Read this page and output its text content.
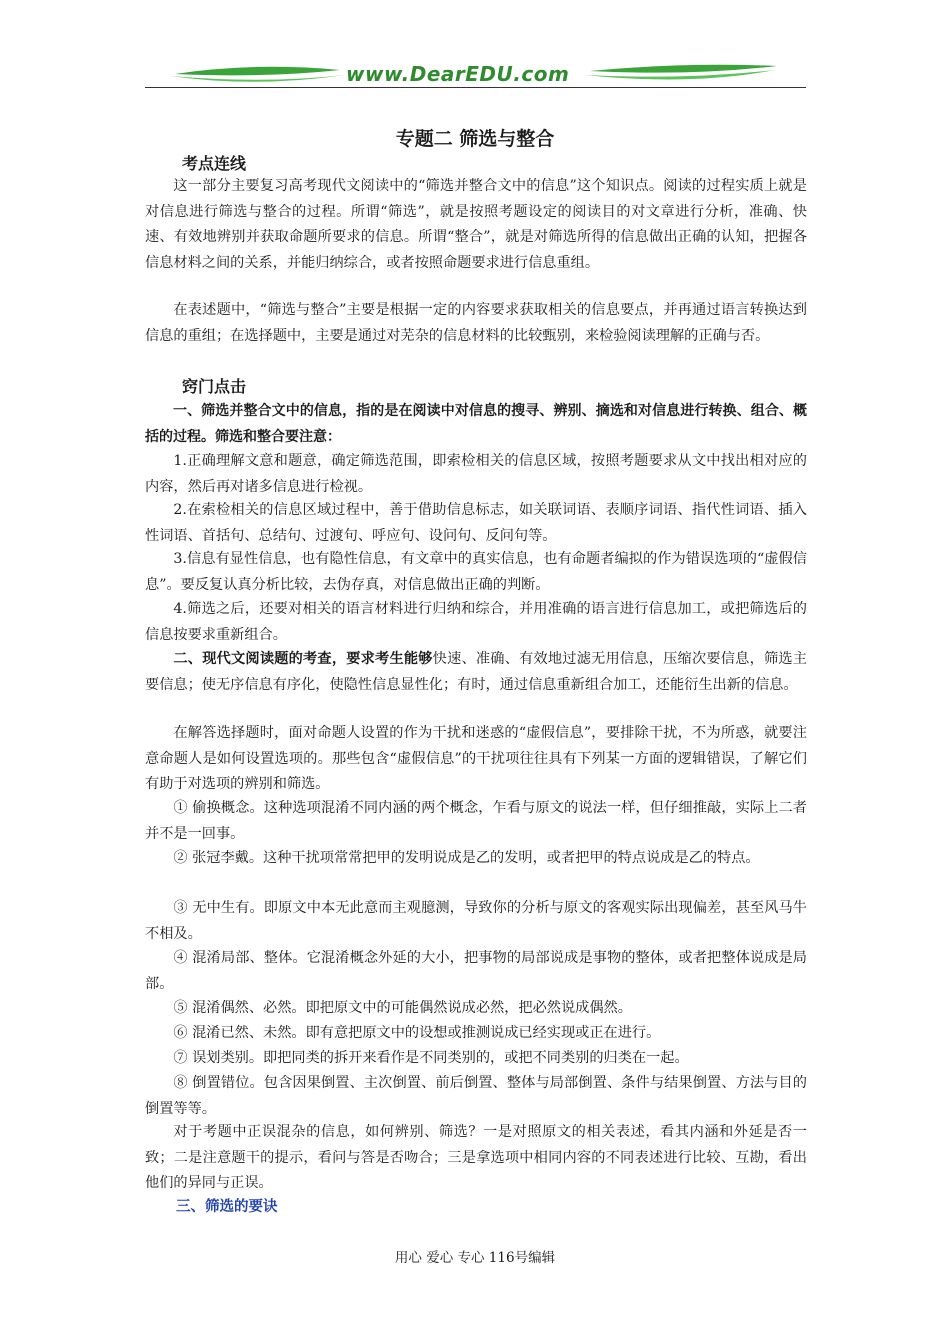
www.DearEDU.com
专题二 筛选与整合
考点连线

这一部分主要复习高考现代文阅读中的“筛选并整合文中的信息”这个知识点。阅读的过程实质上就是对信息进行筛选与整合的过程。所谓“筛选”，就是按照考题设定的阅读目的对文章进行分析，准确、快速、有效地辨别并获取命题所要求的信息。所谓“整合”，就是对筛选所得的信息做出正确的认知，把握各信息材料之间的关系，并能归纳综合，或者按照命题要求进行信息重组。

在表述题中，“筛选与整合”主要是根据一定的内容要求获取相关的信息要点，并再通过语言转换达到信息的重组；在选择题中，主要是通过对芜杂的信息材料的比较甄别，来检验阅读理解的正确与否。

窍门点击

一、筛选并整合文中的信息，指的是在阅读中对信息的搜寻、辨别、摘选和对信息进行转换、组合、概括的过程。筛选和整合要注意：

1.正确理解文意和题意，确定筛选范围，即索检相关的信息区域，按照考题要求从文中找出相对应的内容，然后再对诸多信息进行检视。

2.在索检相关的信息区域过程中，善于借助信息标志，如关联词语、表顺序词语、指代性词语、插入性词语、首括句、总结句、过渡句、呼应句、设问句、反问句等。

3.信息有显性信息，也有隐性信息，有文章中的真实信息，也有命题者编拟的作为错误选项的“虚假信息”。要反复认真分析比较，去伪存真，对信息做出正确的判断。

4.筛选之后，还要对相关的语言材料进行归纳和综合，并用准确的语言进行信息加工，或把筛选后的信息按要求重新组合。

二、现代文阅读题的考查，要求考生能够快速、准确、有效地过滤无用信息，压缩次要信息，筛选主要信息；使无序信息有序化，使隐性信息显性化；有时，通过信息重新组合加工，还能衍生出新的信息。

在解答选择题时，面对命题人设置的作为干扰和迷惑的“虚假信息”，要排除干扰，不为所惑，就要注意命题人是如何设置选项的。那些包含“虚假信息”的干扰项往往具有下列某一方面的逻辑错误，了解它们有助于对选项的辨别和筛选。

① 偷换概念。这种选项混淆不同内涵的两个概念，乍看与原文的说法一样，但仔细推敲，实际上二者并不是一回事。

② 张冠李戴。这种干扰项常常把甲的发明说成是乙的发明，或者把甲的特点说成是乙的特点。

③ 无中生有。即原文中本无此意而主观臆测，导致你的分析与原文的客观实际出现偏差，甚至风马牛不相及。

④ 混淆局部、整体。它混淆概念外延的大小，把事物的局部说成是事物的整体，或者把整体说成是局部。

⑤ 混淆偶然、必然。即把原文中的可能偶然说成必然，把必然说成偶然。

⑥ 混淆已然、未然。即有意把原文中的设想或推测说成已经实现或正在进行。

⑦ 误划类别。即把同类的拆开来看作是不同类别的，或把不同类别的归类在一起。

⑧ 倒置错位。包含因果倒置、主次倒置、前后倒置、整体与局部倒置、条件与结果倒置、方法与目的倒置等等。

对于考题中正误混杂的信息，如何辨别、筛选？一是对照原文的相关表述，看其内涵和外延是否一致；二是注意题干的提示，看问与答是否吻合；三是拿选项中相同内容的不同表述进行比较、互勘，看出他们的异同与正误。

三、筛选的要诀
用心 爱心 专心 116号编辑
